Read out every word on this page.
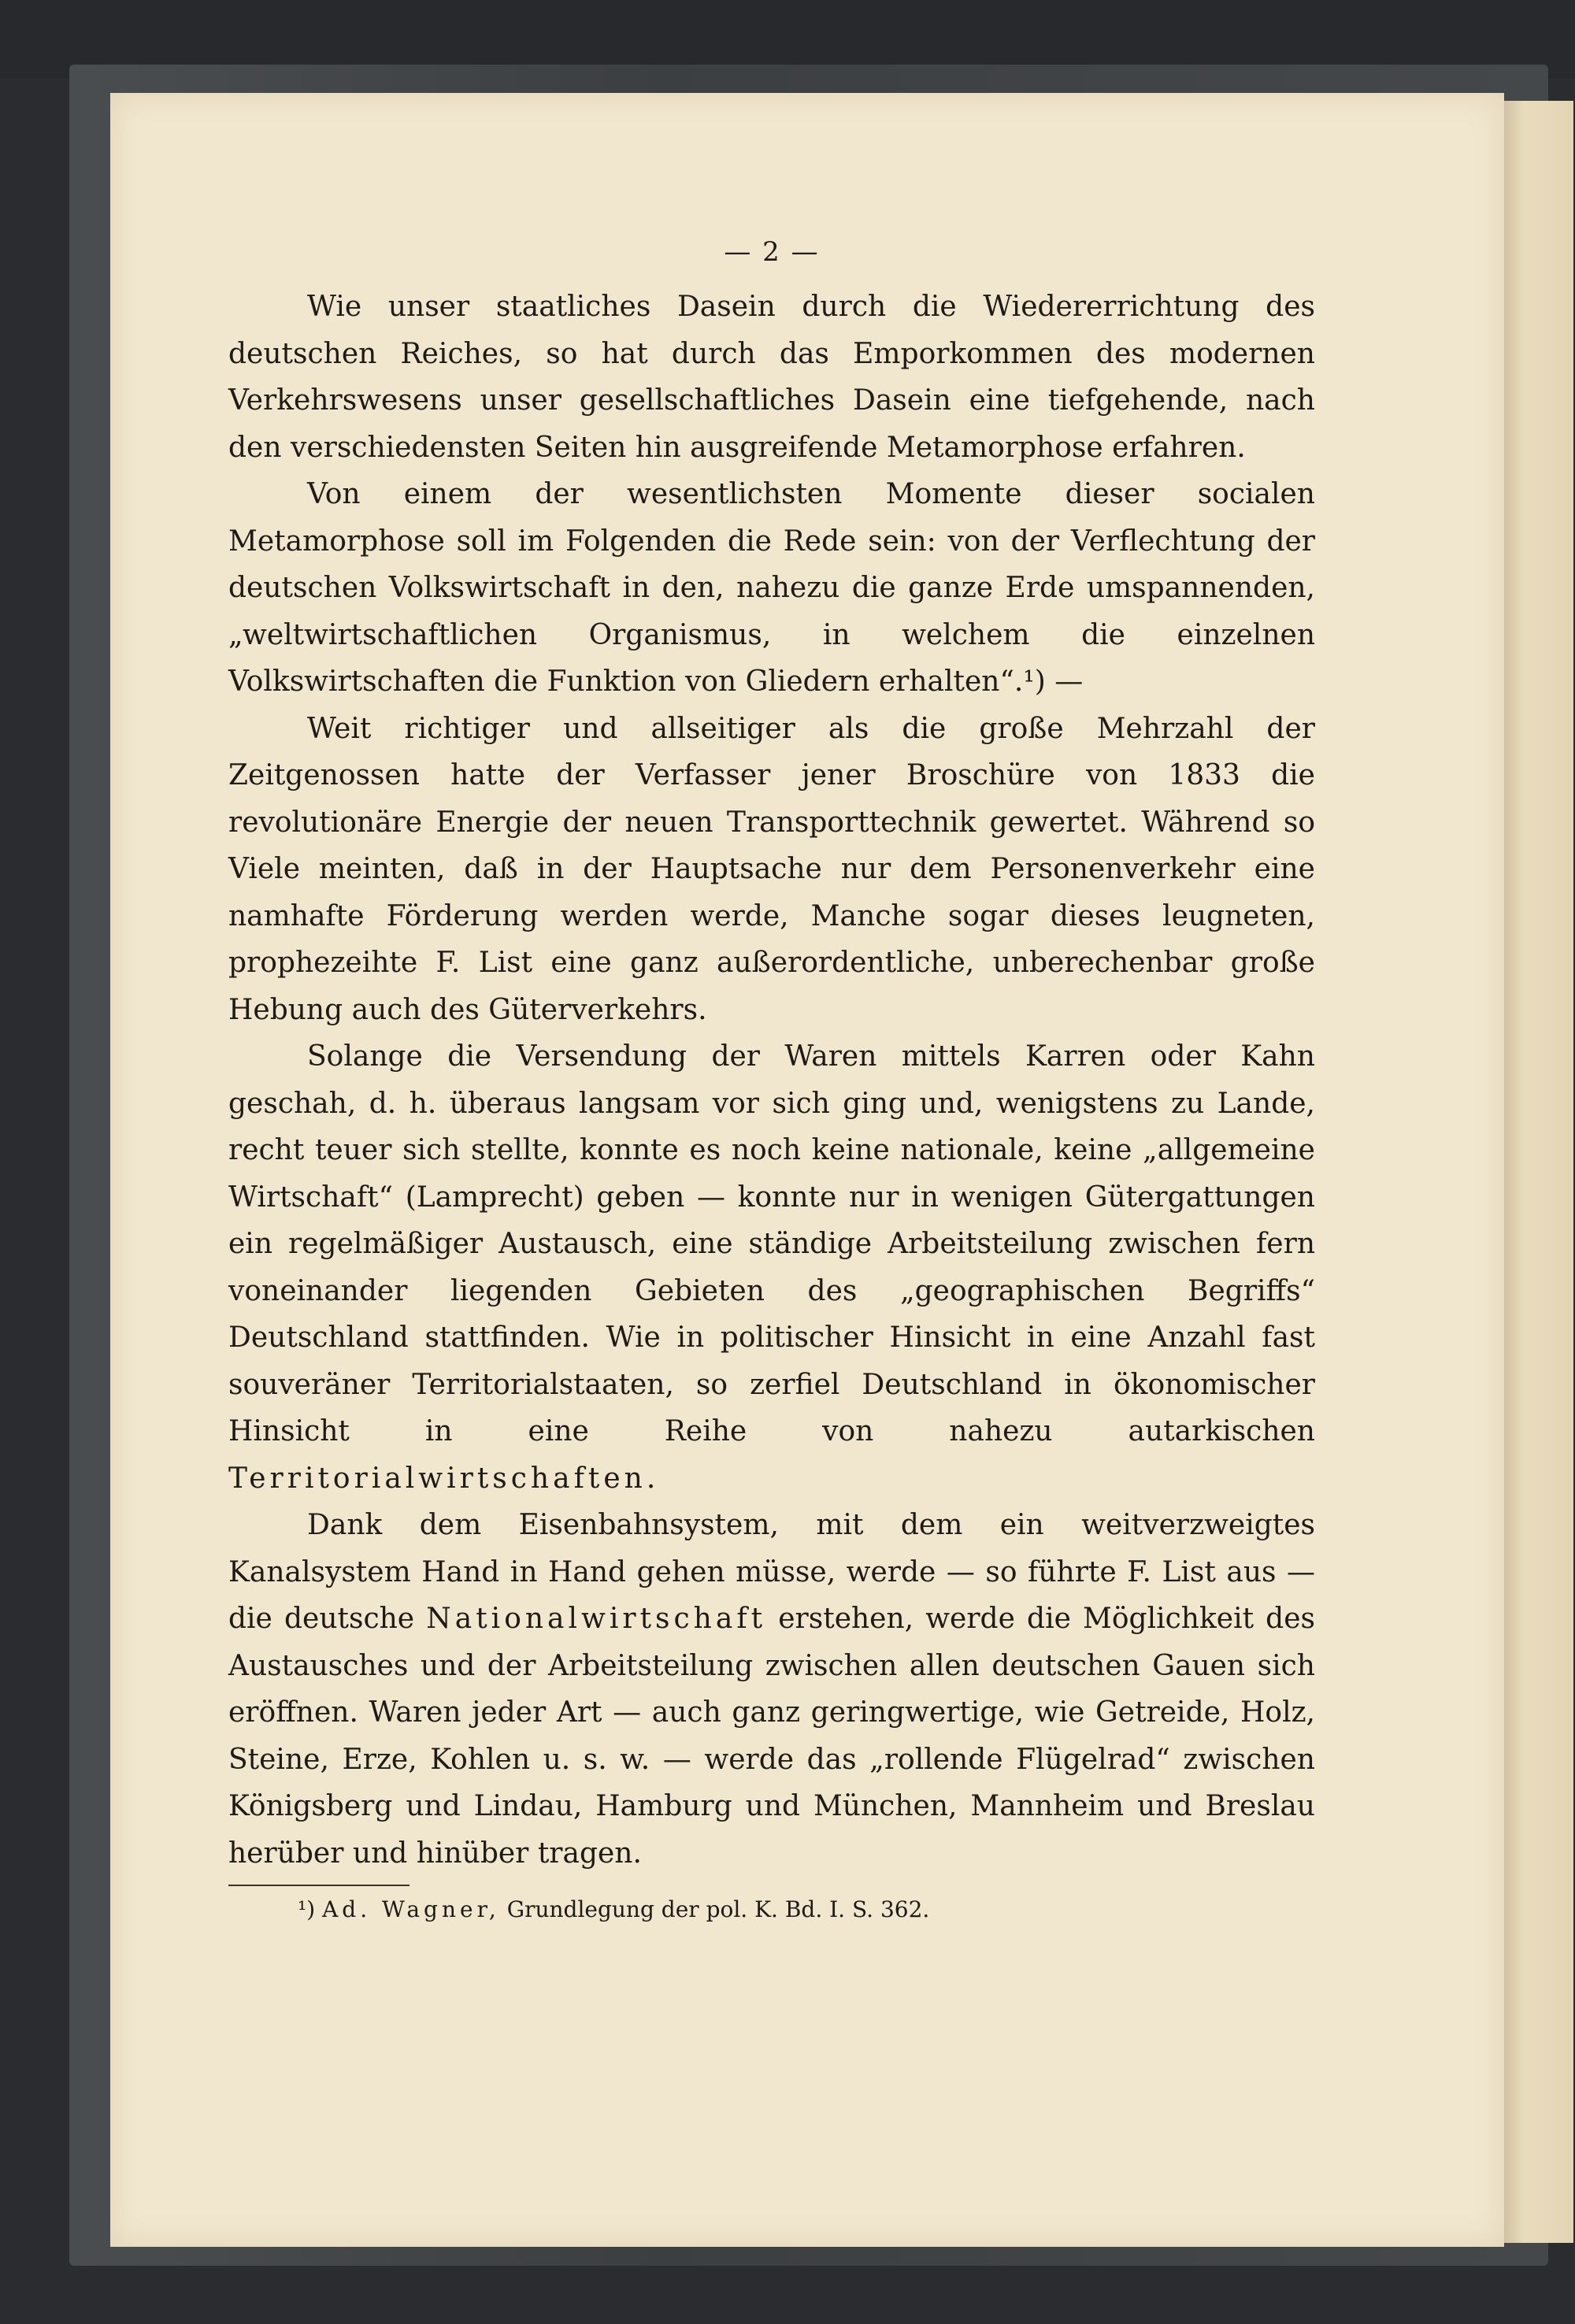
— 2 —

Wie unser staatliches Dasein durch die Wiedererrichtung des deutschen Reiches, so hat durch das Emporkommen des modernen Verkehrswesens unser gesellschaftliches Dasein eine tiefgehende, nach den verschiedensten Seiten hin ausgreifende Metamorphose erfahren.

Von einem der wesentlichsten Momente dieser socialen Metamorphose soll im Folgenden die Rede sein: von der Verflechtung der deutschen Volkswirtschaft in den, nahezu die ganze Erde umspannenden, „weltwirtschaftlichen Organismus, in welchem die einzelnen Volkswirtschaften die Funktion von Gliedern erhalten“.¹) —

Weit richtiger und allseitiger als die große Mehrzahl der Zeitgenossen hatte der Verfasser jener Broschüre von 1833 die revolutionäre Energie der neuen Transporttechnik gewertet. Während so Viele meinten, daß in der Hauptsache nur dem Personenverkehr eine namhafte Förderung werden werde, Manche sogar dieses leugneten, prophezeihte F. List eine ganz außerordentliche, unberechenbar große Hebung auch des Güterverkehrs.

Solange die Versendung der Waren mittels Karren oder Kahn geschah, d. h. überaus langsam vor sich ging und, wenigstens zu Lande, recht teuer sich stellte, konnte es noch keine nationale, keine „allgemeine Wirtschaft“ (Lamprecht) geben — konnte nur in wenigen Gütergattungen ein regelmäßiger Austausch, eine ständige Arbeitsteilung zwischen fern voneinander liegenden Gebieten des „geographischen Begriffs“ Deutschland stattfinden. Wie in politischer Hinsicht in eine Anzahl fast souveräner Territorialstaaten, so zerfiel Deutschland in ökonomischer Hinsicht in eine Reihe von nahezu autarkischen Territorialwirtschaften.

Dank dem Eisenbahnsystem, mit dem ein weitverzweigtes Kanalsystem Hand in Hand gehen müsse, werde — so führte F. List aus — die deutsche Nationalwirtschaft erstehen, werde die Möglichkeit des Austausches und der Arbeitsteilung zwischen allen deutschen Gauen sich eröffnen. Waren jeder Art — auch ganz geringwertige, wie Getreide, Holz, Steine, Erze, Kohlen u. s. w. — werde das „rollende Flügelrad“ zwischen Königsberg und Lindau, Hamburg und München, Mannheim und Breslau herüber und hinüber tragen.

¹) Ad. Wagner, Grundlegung der pol. K. Bd. I. S. 362.
